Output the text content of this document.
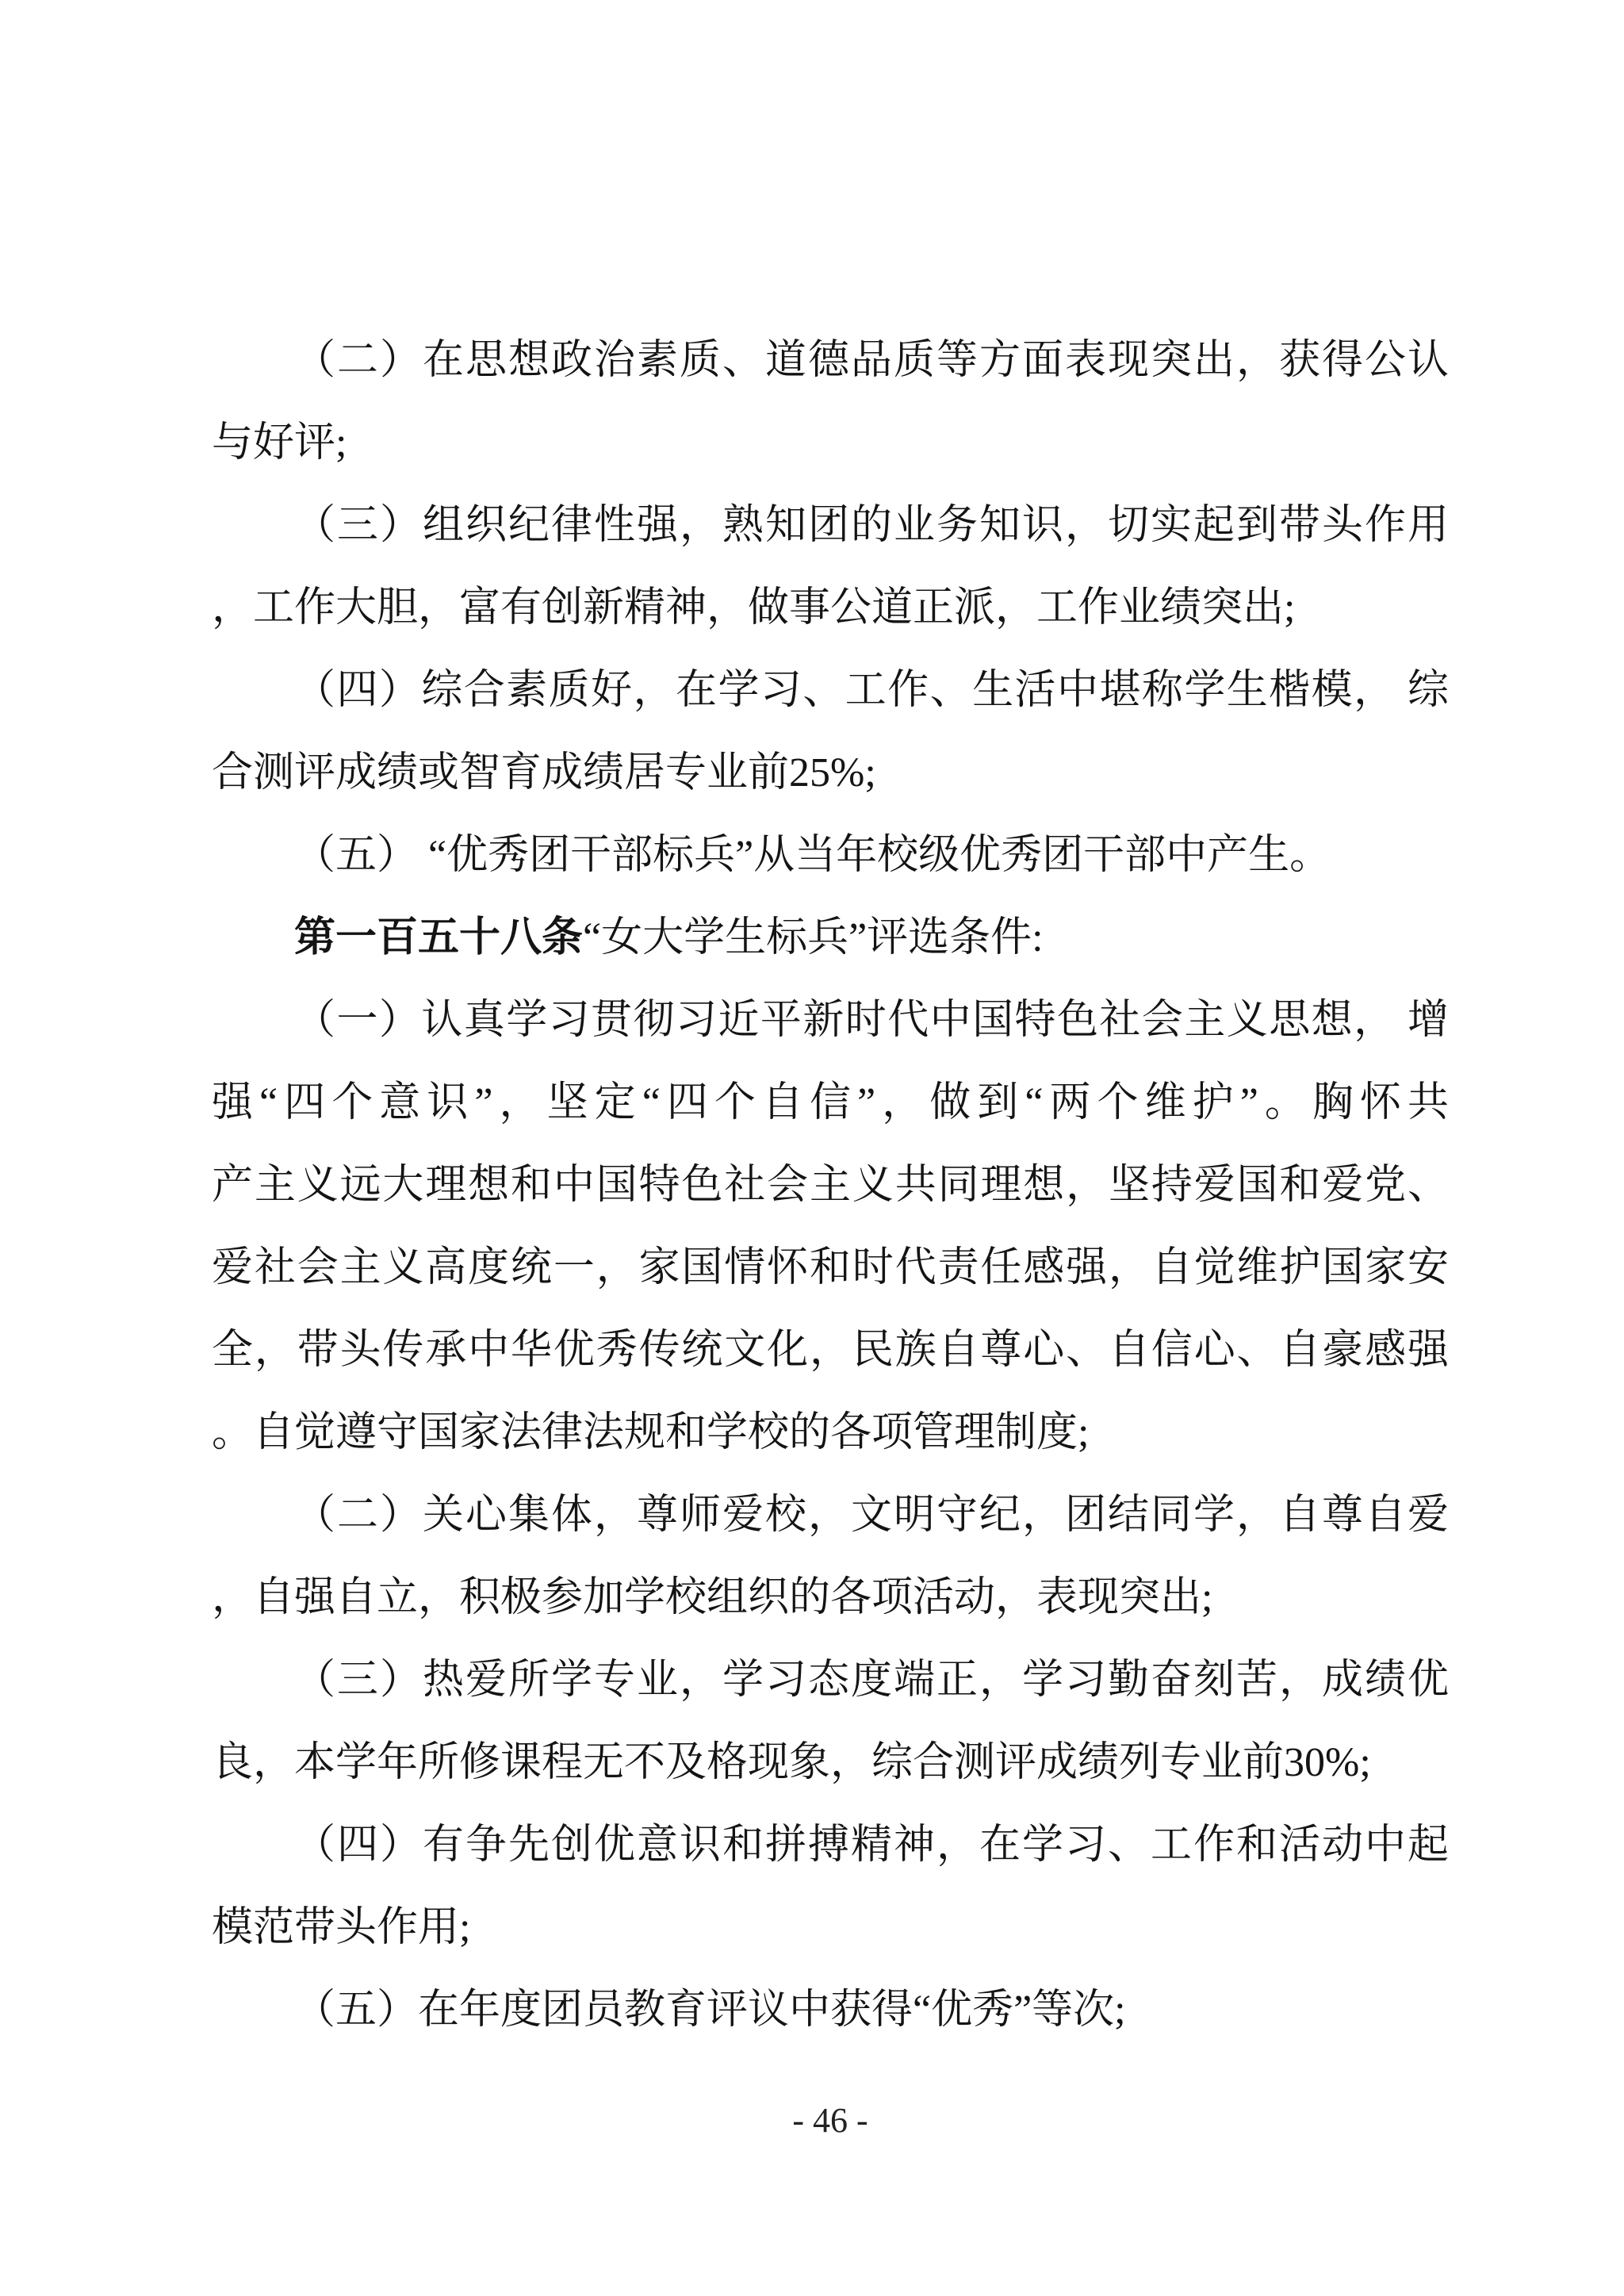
（二）在思想政治素质、道德品质等方面表现突出，获得公认
与好评;
（三）组织纪律性强，熟知团的业务知识，切实起到带头作用
，工作大胆，富有创新精神，做事公道正派，工作业绩突出;
（四）综合素质好，在学习、工作、生活中堪称学生楷模， 综
合测评成绩或智育成绩居专业前25%;
（五） “优秀团干部标兵”从当年校级优秀团干部中产生。
第一百五十八条“女大学生标兵”评选条件:
（一）认真学习贯彻习近平新时代中国特色社会主义思想， 增
强“四个意识”，坚定“四个自信”，做到“两个维护”。胸怀共
产主义远大理想和中国特色社会主义共同理想，坚持爱国和爱党、
爱社会主义高度统一，家国情怀和时代责任感强，自觉维护国家安
全，带头传承中华优秀传统文化，民族自尊心、自信心、自豪感强
。自觉遵守国家法律法规和学校的各项管理制度;
（二）关心集体，尊师爱校，文明守纪，团结同学，自尊自爱
，自强自立，积极参加学校组织的各项活动，表现突出;
（三）热爱所学专业，学习态度端正，学习勤奋刻苦，成绩优
良，本学年所修课程无不及格现象，综合测评成绩列专业前30%;
（四）有争先创优意识和拼搏精神，在学习、工作和活动中起
模范带头作用;
（五）在年度团员教育评议中获得“优秀”等次;
- 46 -
